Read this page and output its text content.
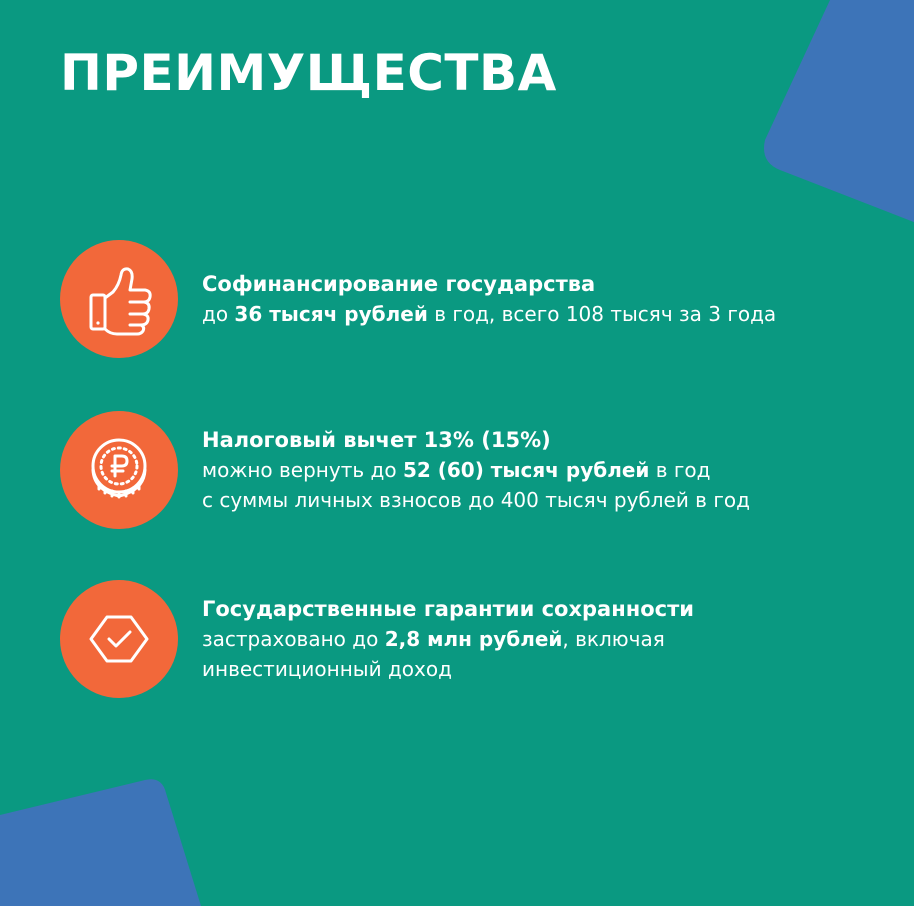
ПРЕИМУЩЕСТВА
Софинансирование государства
до 36 тысяч рублей в год, всего 108 тысяч за 3 года
Налоговый вычет 13% (15%)
можно вернуть до 52 (60) тысяч рублей в год
с суммы личных взносов до 400 тысяч рублей в год
Государственные гарантии сохранности
застраховано до 2,8 млн рублей, включая
инвестиционный доход
